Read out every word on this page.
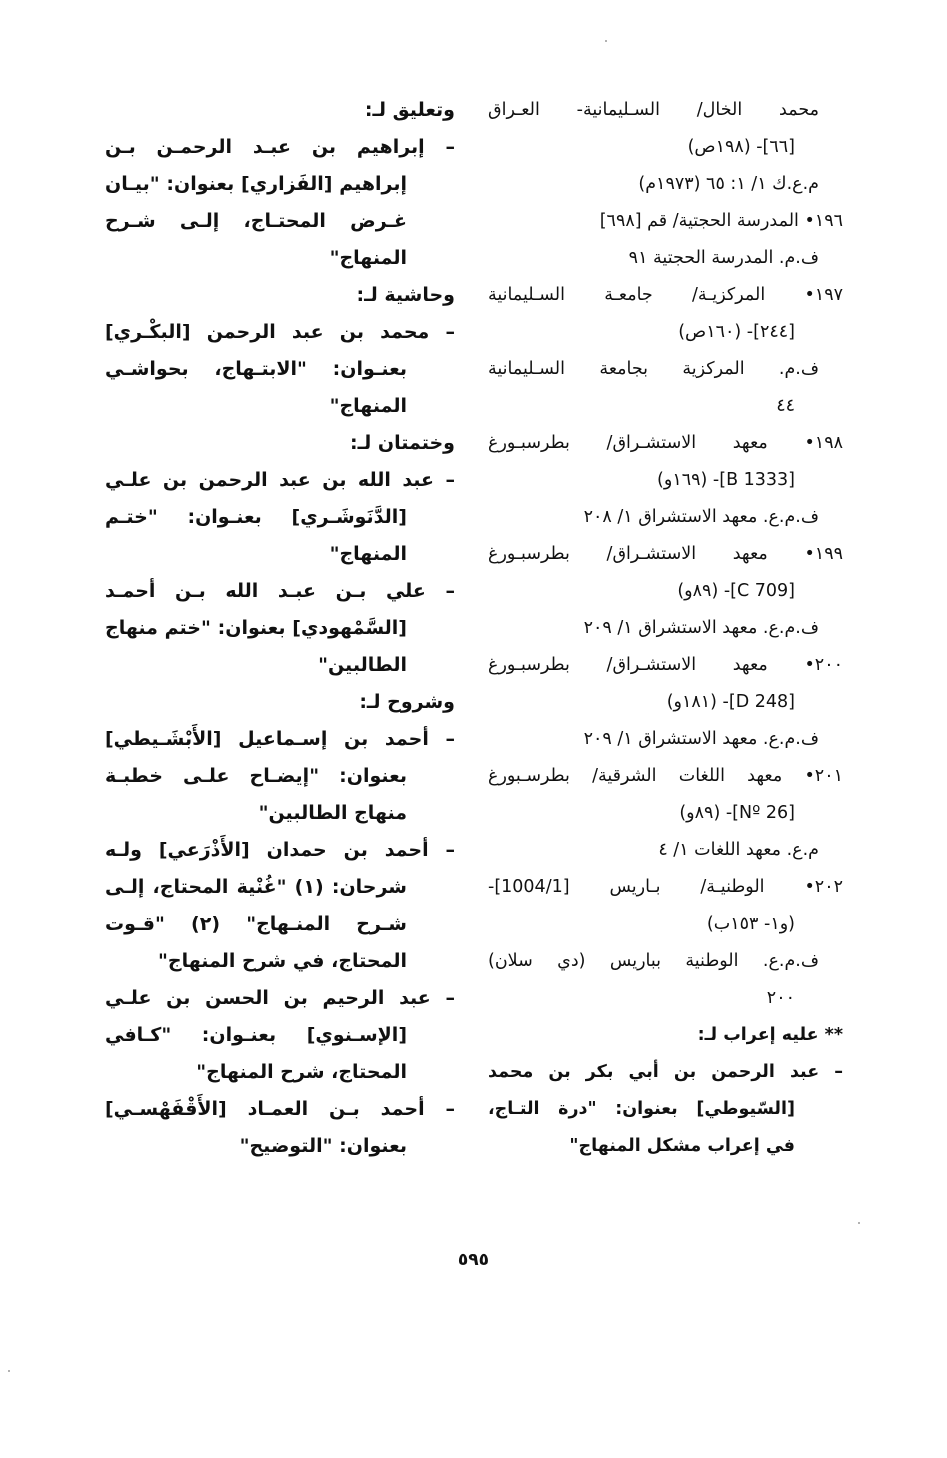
محمد الخال/ السـليمانية- العـراق
[٦٦]- (١٩٨ص)
م.ع.ك ١/ ١: ٦٥ (١٩٧٣م)
١٩٦• المدرسة الحجتية/ قم [٦٩٨]
ف.م. المدرسة الحجتية ٩١
١٩٧• المركزيـة/ جامعـة السـليمانية
[٢٤٤]- (١٦٠ص)
ف.م. المركزية بجامعة السـليمانية
٤٤
١٩٨• معهد الاستشـراق/ بطرسبـورغ
[B 1333]- (١٦٩و)
ف.م.ع. معهد الاستشراق ١/ ٢٠٨
١٩٩• معهد الاستشـراق/ بطرسبـورغ
[C 709]- (٨٩و)
ف.م.ع. معهد الاستشراق ١/ ٢٠٩
٢٠٠• معهد الاستشـراق/ بطرسبـورغ
[D 248]- (١٨١و)
ف.م.ع. معهد الاستشراق ١/ ٢٠٩
٢٠١• معهد اللغات الشرقية/ بطرسـبورغ
[Nº 26]- (٨٩و)
م.ع. معهد اللغات ١/ ٤
٢٠٢• الوطنيـة/ بـاريس [1004/1]-
(و١- ١٥٣ب)
ف.م.ع. الوطنية بباريس (دي سلان)
٢٠٠
** عليه إعراب لـ:
– عبد الرحمن بن أبي بكر بن محمد
[السّيوطي] بعنوان: "درة التـاج،
في إعراب مشكل المنهاج"
وتعليق لـ:
– إبراهيم بن عبـد الرحمـن بـن
إبراهيم [الفَزاري] بعنوان: "بيـان
غـرض المحتـاج، إلـى شـرح
المنهاج"
وحاشية لـ:
– محمد بن عبد الرحمن [البكْـري]
بعنـوان: "الابتـهاج، بحواشـي
المنهاج"
وختمتان لـ:
– عبد الله بن عبد الرحمن بن علـي
[الدَّنَوشَـري] بعنـوان: "ختـم
المنهاج"
– علي بـن عبـد الله بـن أحمـد
[السَّمْهودي] بعنوان: "ختم منهاج
الطالبين"
وشروح لـ:
– أحمد بن إسـماعيل [الأَبْشَـيطي]
بعنوان: "إيضـاح علـى خطبـة
منهاج الطالبين"
– أحمد بن حمدان [الأَذْرَعي] ولـه
شرحان: (١) "غُنْية المحتاج، إلـى
شـرح المنـهاج" (٢) "قـوت
المحتاج، في شرح المنهاج"
– عبد الرحيم بن الحسن بن علـي
[الإسـنوي] بعنـوان: "كـافي
المحتاج، شرح المنهاج"
– أحمد بـن العمـاد [الأَقْفَهْسـي]
بعنوان: "التوضيح"
٥٩٥
